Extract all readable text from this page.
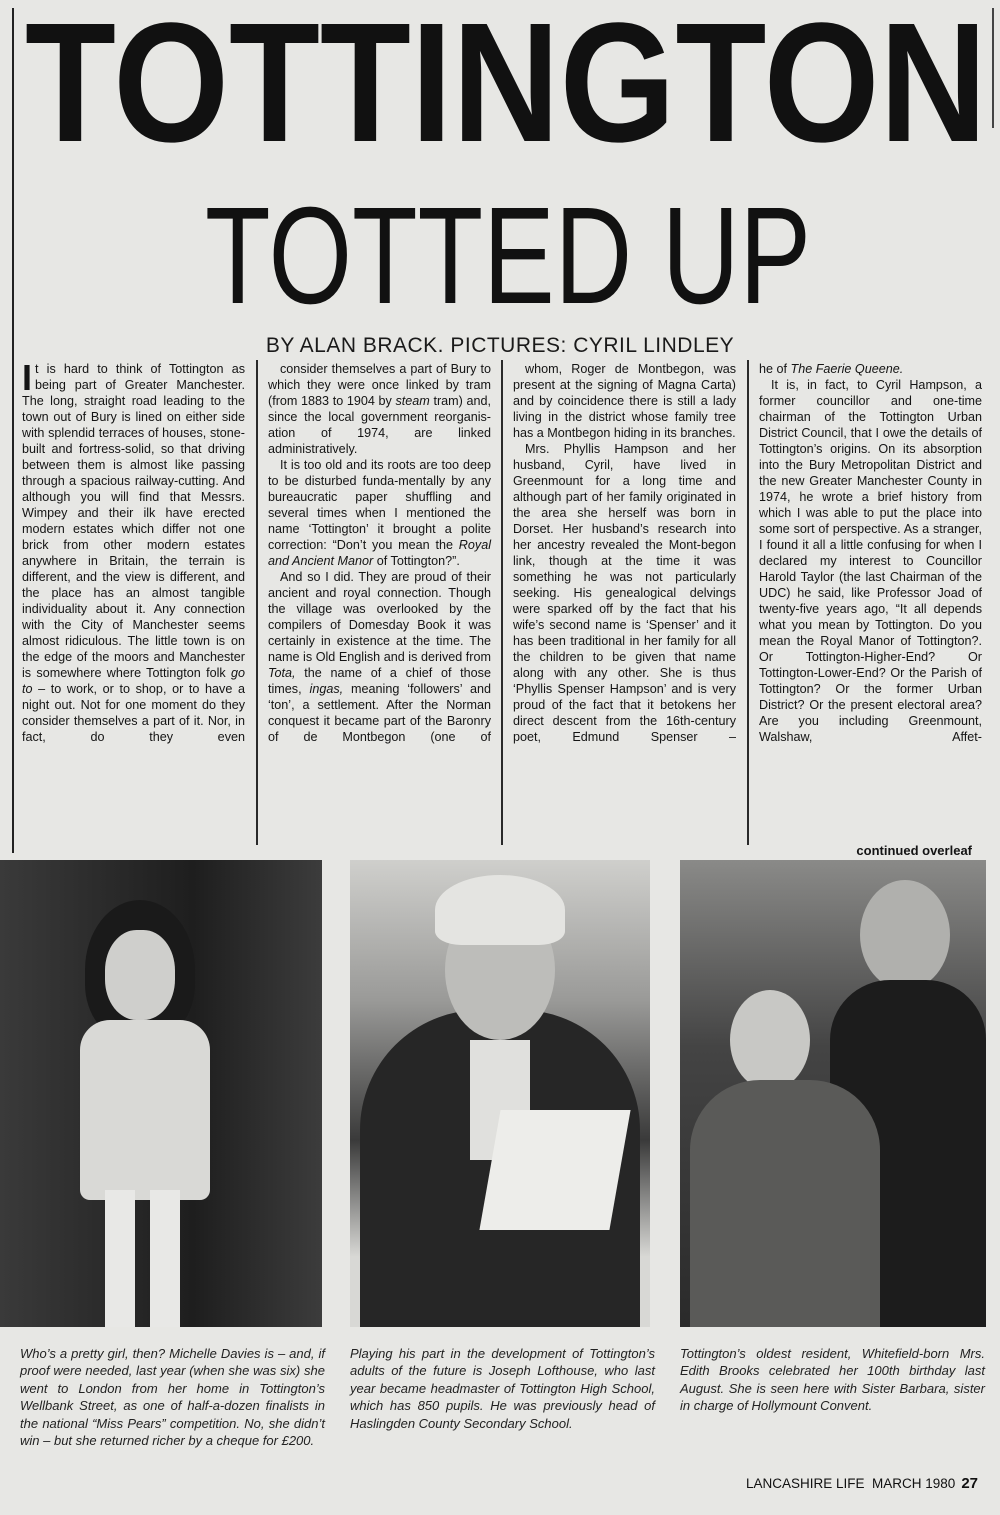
TOTTINGTON
TOTTED UP
BY ALAN BRACK. PICTURES: CYRIL LINDLEY

It is hard to think of Tottington as being part of Greater Manchester. The long, straight road leading to the town out of Bury is lined on either side with splendid terraces of houses, stone-built and fortress-solid, so that driving between them is almost like passing through a spacious railway-cutting. And although you will find that Messrs. Wimpey and their ilk have erected modern estates which differ not one brick from other modern estates anywhere in Britain, the terrain is different, and the view is different, and the place has an almost tangible individuality about it. Any connection with the City of Manchester seems almost ridiculous. The little town is on the edge of the moors and Manchester is somewhere where Tottington folk go to – to work, or to shop, or to have a night out. Not for one moment do they consider themselves a part of it. Nor, in fact, do they even

consider themselves a part of Bury to which they were once linked by tram (from 1883 to 1904 by steam tram) and, since the local government reorganis-ation of 1974, are linked administratively.

It is too old and its roots are too deep to be disturbed funda-mentally by any bureaucratic paper shuffling and several times when I mentioned the name ‘Tottington’ it brought a polite correction: “Don’t you mean the Royal and Ancient Manor of Tottington?”.

And so I did. They are proud of their ancient and royal connection. Though the village was overlooked by the compilers of Domesday Book it was certainly in existence at the time. The name is Old English and is derived from Tota, the name of a chief of those times, ingas, meaning ‘followers’ and ‘ton’, a settlement. After the Norman conquest it became part of the Baronry of de Montbegon (one of

whom, Roger de Montbegon, was present at the signing of Magna Carta) and by coincidence there is still a lady living in the district whose family tree has a Montbegon hiding in its branches.

Mrs. Phyllis Hampson and her husband, Cyril, have lived in Greenmount for a long time and although part of her family originated in the area she herself was born in Dorset. Her husband’s research into her ancestry revealed the Mont-begon link, though at the time it was something he was not particularly seeking. His genealogical delvings were sparked off by the fact that his wife’s second name is ‘Spenser’ and it has been traditional in her family for all the children to be given that name along with any other. She is thus ‘Phyllis Spenser Hampson’ and is very proud of the fact that it betokens her direct descent from the 16th-century poet, Edmund Spenser –

he of The Faerie Queene.

It is, in fact, to Cyril Hampson, a former councillor and one-time chairman of the Tottington Urban District Council, that I owe the details of Tottington’s origins. On its absorption into the Bury Metropolitan District and the new Greater Manchester County in 1974, he wrote a brief history from which I was able to put the place into some sort of perspective. As a stranger, I found it all a little confusing for when I declared my interest to Councillor Harold Taylor (the last Chairman of the UDC) he said, like Professor Joad of twenty-five years ago, “It all depends what you mean by Tottington. Do you mean the Royal Manor of Tottington?. Or Tottington-Higher-End? Or Tottington-Lower-End? Or the Parish of Tottington? Or the former Urban District? Or the present electoral area? Are you including Greenmount, Walshaw, Affet-

continued overleaf
Who’s a pretty girl, then? Michelle Davies is – and, if proof were needed, last year (when she was six) she went to London from her home in Tottington’s Wellbank Street, as one of half-a-dozen finalists in the national “Miss Pears” competition. No, she didn’t win – but she returned richer by a cheque for £200.
Playing his part in the development of Tottington’s adults of the future is Joseph Lofthouse, who last year became headmaster of Tottington High School, which has 850 pupils. He was previously head of Haslingden County Secondary School.
Tottington’s oldest resident, Whitefield-born Mrs. Edith Brooks celebrated her 100th birthday last August. She is seen here with Sister Barbara, sister in charge of Hollymount Convent.
LANCASHIRE LIFE  MARCH 1980 27
